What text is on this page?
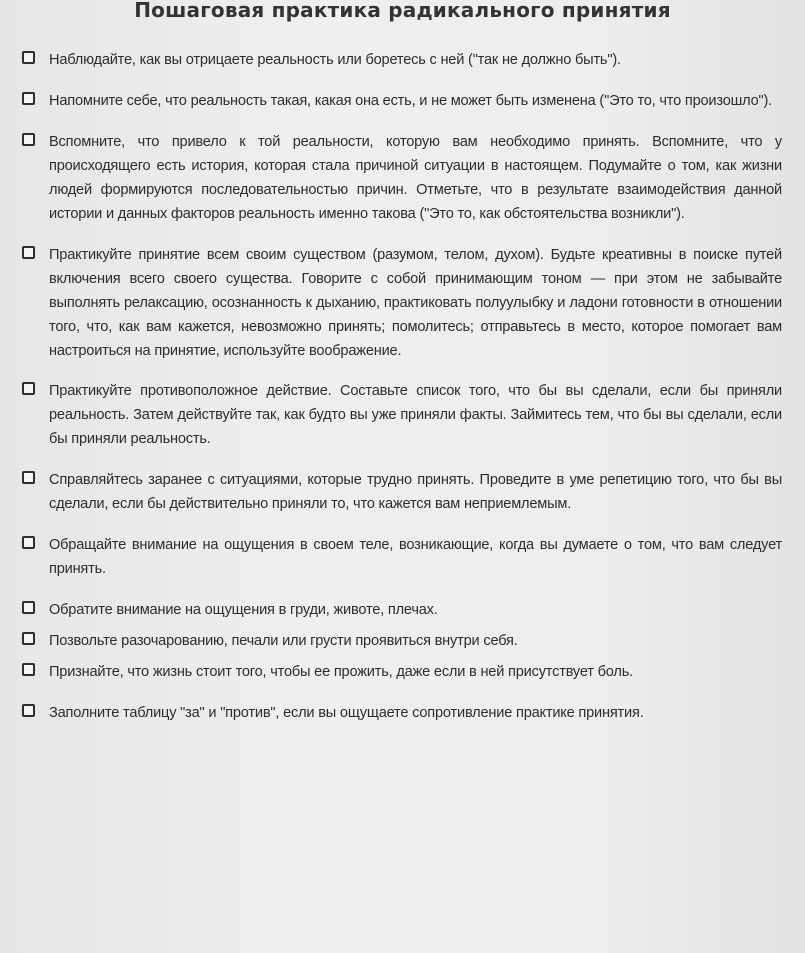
Пошаговая практика радикального принятия
Наблюдайте, как вы отрицаете реальность или боретесь с ней ("так не должно быть").
Напомните себе, что реальность такая, какая она есть, и не может быть изменена ("Это то, что произошло").
Вспомните, что привело к той реальности, которую вам необходимо принять. Вспомните, что у происходящего есть история, которая стала причиной ситуации в настоящем. Подумайте о том, как жизни людей формируются последовательностью причин. Отметьте, что в результате взаимодействия данной истории и данных факторов реальность именно такова ("Это то, как обстоятельства возникли").
Практикуйте принятие всем своим существом (разумом, телом, духом). Будьте креативны в поиске путей включения всего своего существа. Говорите с собой принимающим тоном — при этом не забывайте выполнять релаксацию, осознанность к дыханию, практиковать полуулыбку и ладони готовности в отношении того, что, как вам кажется, невозможно принять; помолитесь; отправьтесь в место, которое помогает вам настроиться на принятие, используйте воображение.
Практикуйте противоположное действие. Составьте список того, что бы вы сделали, если бы приняли реальность. Затем действуйте так, как будто вы уже приняли факты. Займитесь тем, что бы вы сделали, если бы приняли реальность.
Справляйтесь заранее с ситуациями, которые трудно принять. Проведите в уме репетицию того, что бы вы сделали, если бы действительно приняли то, что кажется вам неприемлемым.
Обращайте внимание на ощущения в своем теле, возникающие, когда вы думаете о том, что вам следует принять.
Обратите внимание на ощущения в груди, животе, плечах.
Позвольте разочарованию, печали или грусти проявиться внутри себя.
Признайте, что жизнь стоит того, чтобы ее прожить, даже если в ней присутствует боль.
Заполните таблицу "за" и "против", если вы ощущаете сопротивление практике принятия.
